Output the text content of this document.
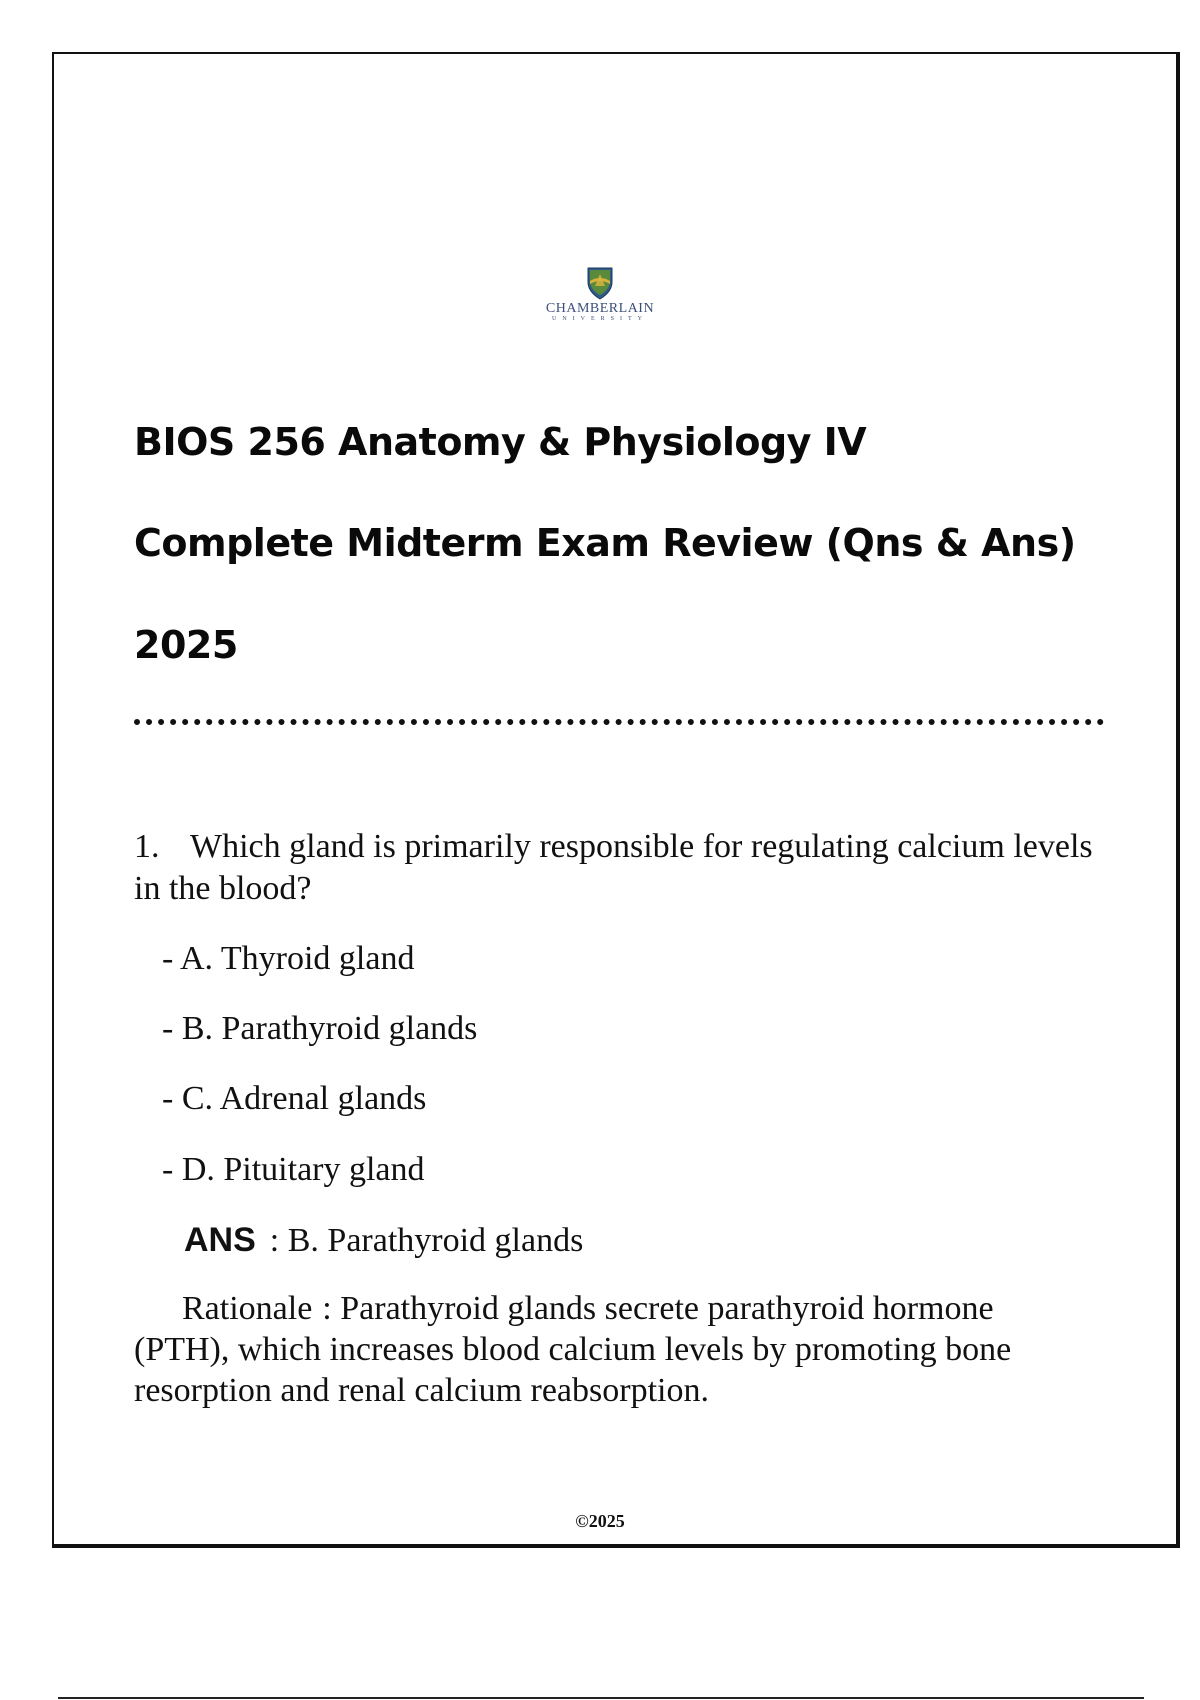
CHAMBERLAIN
UNIVERSITY
BIOS 256 Anatomy & Physiology IV
Complete Midterm Exam Review (Qns & Ans)
2025
1. Which gland is primarily responsible for regulating calcium levels in the blood?
- A. Thyroid gland
- B. Parathyroid glands
- C. Adrenal glands
- D. Pituitary gland
ANS : B. Parathyroid glands
Rationale : Parathyroid glands secrete parathyroid hormone (PTH), which increases blood calcium levels by promoting bone resorption and renal calcium reabsorption.
©2025
